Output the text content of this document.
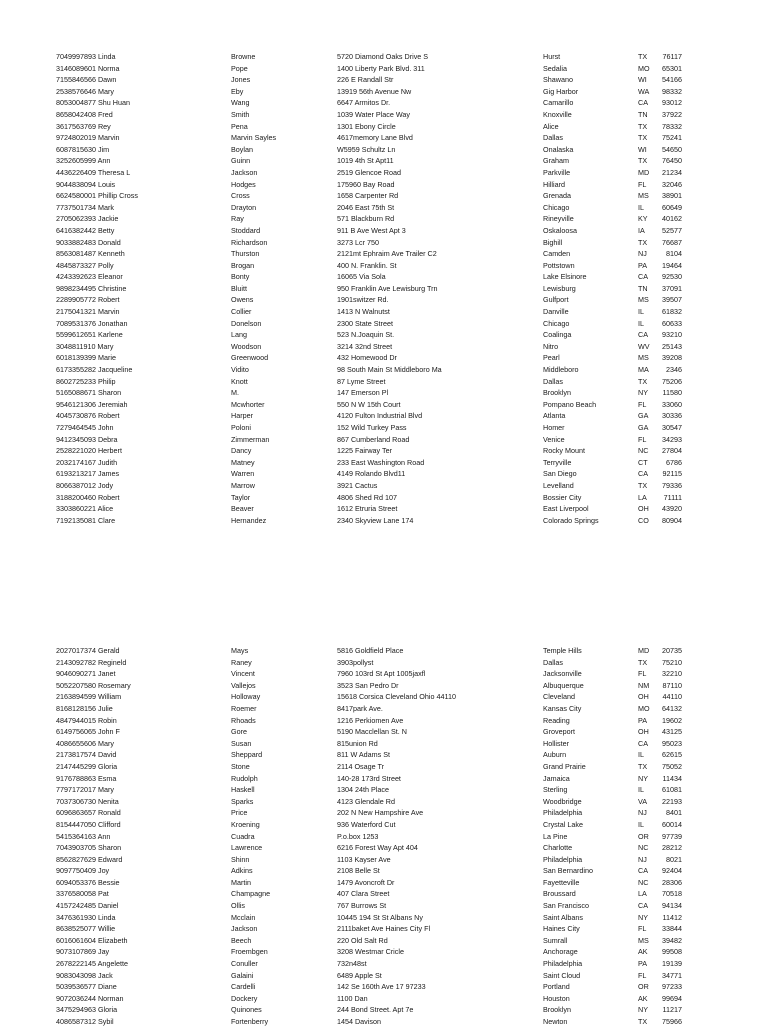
7049997893 Linda	Browne	5720 Diamond Oaks Drive S	Hurst	TX	76117
3146089601 Norma	Pope	1400 Liberty Park Blvd. 311	Sedalia	MO	65301
7155846566 Dawn	Jones	226 E Randall Str	Shawano	WI	54166
2538576646 Mary	Eby	13919 56th Avenue Nw	Gig Harbor	WA	98332
8053004877 Shu Huan	Wang	6647 Armitos Dr.	Camarillo	CA	93012
8658042408 Fred	Smith	1039 Water Place Way	Knoxville	TN	37922
3617563769 Rey	Pena	1301 Ebony Circle	Alice	TX	78332
9724802019 Marvin	Marvin Sayles	4617memory Lane Blvd	Dallas	TX	75241
6087815630 Jim	Boylan	W5959 Schultz Ln	Onalaska	WI	54650
3252605999 Ann	Guinn	1019 4th St Apt11	Graham	TX	76450
4436226409 Theresa L	Jackson	2519 Glencoe Road	Parkville	MD	21234
9044838094 Louis	Hodges	175960 Bay Road	Hilliard	FL	32046
6624580001 Phillip Cross	Cross	1658 Carpenter Rd	Grenada	MS	38901
7737501734 Mark	Drayton	2046 East 75th St	Chicago	IL	60649
2705062393 Jackie	Ray	571 Blackburn Rd	Rineyville	KY	40162
6416382442 Betty	Stoddard	911 B Ave West Apt 3	Oskaloosa	IA	52577
9033882483 Donald	Richardson	3273 Lcr 750	Bighill	TX	76687
8563081487 Kenneth	Thurston	2121mt Ephraim Ave Trailer C2	Camden	NJ	8104
4845873327 Polly	Brogan	400 N. Franklin. St	Pottstown	PA	19464
4243392623 Eleanor	Bonty	16065 Via Sola	Lake Elsinore	CA	92530
9898234495 Christine	Bluitt	950 Franklin Ave Lewisburg Trn	Lewisburg	TN	37091
2289905772 Robert	Owens	1901switzer Rd.	Gulfport	MS	39507
2175041321 Marvin	Collier	1413 N Walnutst	Danville	IL	61832
7089531376 Jonathan	Donelson	2300 State Street	Chicago	IL	60633
5599612651 Karlene	Lang	523 N.Joaquin St.	Coalinga	CA	93210
3048811910 Mary	Woodson	3214 32nd Street	Nitro	WV	25143
6018139399 Marie	Greenwood	432 Homewood Dr	Pearl	MS	39208
6173355282 Jacqueline	Vidito	98 South Main St Middleboro Ma	Middleboro	MA	2346
8602725233 Philip	Knott	87 Lyme Street	Dallas	TX	75206
5165088671 Sharon	M.	147 Emerson Pl	Brooklyn	NY	11580
9546121306 Jeremiah	Mcwhorter	550 N W 15th Court	Pompano Beach	FL	33060
4045730876 Robert	Harper	4120 Fulton Industrial Blvd	Atlanta	GA	30336
7279464545 John	Poloni	152 Wild Turkey Pass	Homer	GA	30547
9412345093 Debra	Zimmerman	867 Cumberland Road	Venice	FL	34293
2528221020 Herbert	Dancy	1225 Fairway Ter	Rocky Mount	NC	27804
2032174167 Judith	Matney	233 East Washington Road	Terryville	CT	6786
6193213217 James	Warren	4149 Rolando Blvd11	San Diego	CA	92115
8066387012 Jody	Marrow	3921 Cactus	Levelland	TX	79336
3188200460 Robert	Taylor	4806 Shed Rd 107	Bossier City	LA	71111
3303860221 Alice	Beaver	1612 Etruria Street	East Liverpool	OH	43920
7192135081 Clare	Hernandez	2340 Skyview Lane 174	Colorado Springs	CO	80904
2027017374 Gerald	Mays	5816 Goldfield Place	Temple Hills	MD	20735
2143092782 Regineld	Raney	3903pollyst	Dallas	TX	75210
9046090271 Janet	Vincent	7960 103rd St Apt 1005jaxfl	Jacksonville	FL	32210
5052207580 Rosemary	Vallejos	3523 San Pedro Dr	Albuquerque	NM	87110
2163894599 William	Holloway	15618 Corsica Cleveland Ohio 44110	Cleveland	OH	44110
8168128156 Julie	Roemer	8417park Ave.	Kansas City	MO	64132
4847944015 Robin	Rhoads	1216 Perkiomen Ave	Reading	PA	19602
6149756065 John F	Gore	5190 Macclellan St. N	Groveport	OH	43125
4086655606 Mary	Susan	815union Rd	Hollister	CA	95023
2173817574 David	Sheppard	811 W Adams St	Auburn	IL	62615
2147445299 Gloria	Stone	2114 Osage Tr	Grand Prairie	TX	75052
9176788863 Esma	Rudolph	140-28 173rd Street	Jamaica	NY	11434
7797172017 Mary	Haskell	1304 24th Place	Sterling	IL	61081
7037306730 Nenita	Sparks	4123 Glendale Rd	Woodbridge	VA	22193
6096863657 Ronald	Price	202 N New Hampshire Ave	Philadelphia	NJ	8401
8154447050 Clifford	Kroening	936 Waterford Cut	Crystal Lake	IL	60014
5415364163 Ann	Cuadra	P.o.box 1253	La Pine	OR	97739
7043903705 Sharon	Lawrence	6216 Forest Way Apt 404	Charlotte	NC	28212
8562827629 Edward	Shinn	1103 Kayser Ave	Philadelphia	NJ	8021
9097750409 Joy	Adkins	2108 Belle St	San Bernardino	CA	92404
6094053376 Bessie	Martin	1479 Avoncroft Dr	Fayetteville	NC	28306
3376580058 Pat	Champagne	407 Clara Street	Broussard	LA	70518
4157242485 Daniel	Ollis	767 Burrows St	San Francisco	CA	94134
3476361930 Linda	Mcclain	10445 194 St St Albans Ny	Saint Albans	NY	11412
8638525077 Willie	Jackson	2111baket Ave Haines City Fl	Haines City	FL	33844
6016061604 Elizabeth	Beech	220 Old Salt Rd	Sumrall	MS	39482
9073107869 Jay	Froembgen	3208 Westmar Cricle	Anchorage	AK	99508
2678222145 Angelette	Conuller	732n48st	Philadelphia	PA	19139
9083043098 Jack	Galaini	6489 Apple St	Saint Cloud	FL	34771
5039536577 Diane	Cardelli	142 Se 160th Ave 17 97233	Portland	OR	97233
9072036244 Norman	Dockery	1100 Dan	Houston	AK	99694
3475294963 Gloria	Quinones	244 Bond Street. Apt 7e	Brooklyn	NY	11217
4086587312 Sybil	Fortenberry	1454 Davison	Newton	TX	75966
